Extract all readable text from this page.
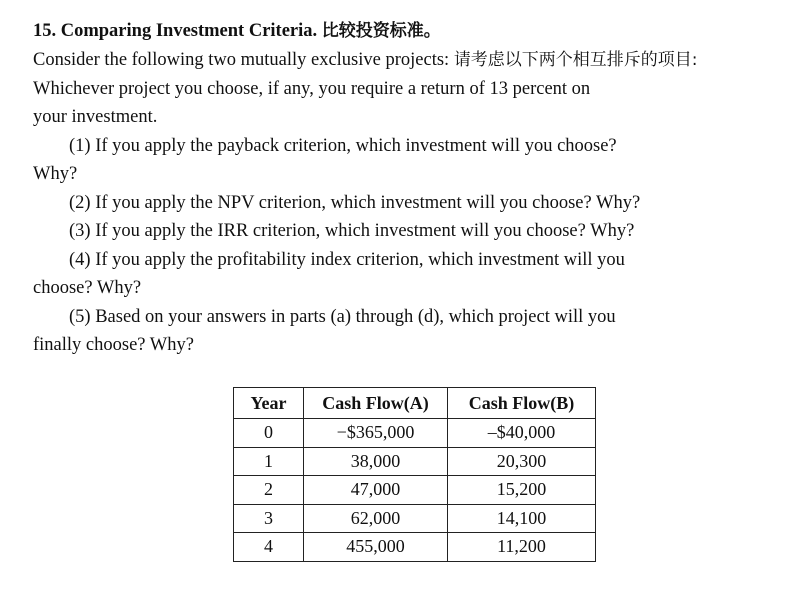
15. Comparing Investment Criteria. 比较投资标准。
Consider the following two mutually exclusive projects: 请考虑以下两个相互排斥的项目:
Whichever project you choose, if any, you require a return of 13 percent on
your investment.
(1) If you apply the payback criterion, which investment will you choose?
Why?
(2) If you apply the NPV criterion, which investment will you choose? Why?
(3) If you apply the IRR criterion, which investment will you choose? Why?
(4) If you apply the profitability index criterion, which investment will you
choose? Why?
(5) Based on your answers in parts (a) through (d), which project will you
finally choose? Why?
Year	Cash Flow(A)	Cash Flow(B)
0	−$365,000	–$40,000
1	38,000	20,300
2	47,000	15,200
3	62,000	14,100
4	455,000	11,200
